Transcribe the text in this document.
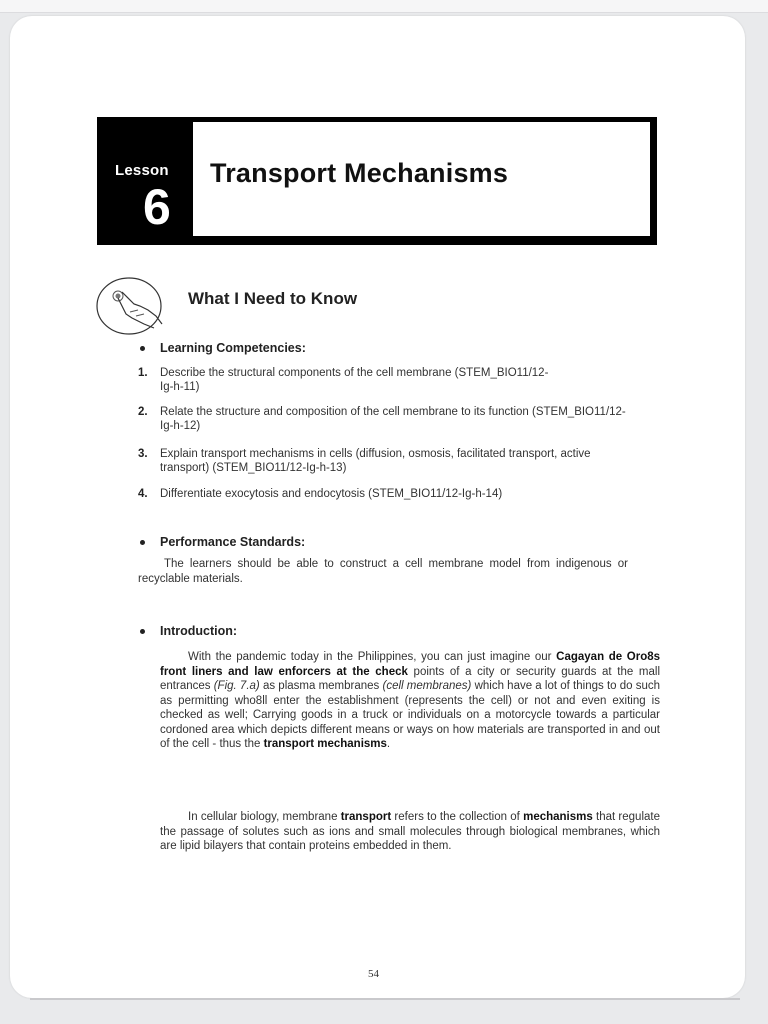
Lesson
6
Transport Mechanisms
What I Need to Know
Learning Competencies:
1. Describe the structural components of the cell membrane (STEM_BIO11/12-Ig-h-11)
2. Relate the structure and composition of the cell membrane to its function (STEM_BIO11/12-Ig-h-12)
3. Explain transport mechanisms in cells (diffusion, osmosis, facilitated transport, active transport) (STEM_BIO11/12-Ig-h-13)
4. Differentiate exocytosis and endocytosis (STEM_BIO11/12-Ig-h-14)
Performance Standards:
The learners should be able to construct a cell membrane model from indigenous or recyclable materials.
Introduction:
With the pandemic today in the Philippines, you can just imagine our Cagayan de Oro8s front liners and law enforcers at the check points of a city or security guards at the mall entrances (Fig. 7.a) as plasma membranes (cell membranes) which have a lot of things to do such as permitting who8ll enter the establishment (represents the cell) or not and even exiting is checked as well; Carrying goods in a truck or individuals on a motorcycle towards a particular cordoned area which depicts different means or ways on how materials are transported in and out of the cell - thus the transport mechanisms.
In cellular biology, membrane transport refers to the collection of mechanisms that regulate the passage of solutes such as ions and small molecules through biological membranes, which are lipid bilayers that contain proteins embedded in them.
54
